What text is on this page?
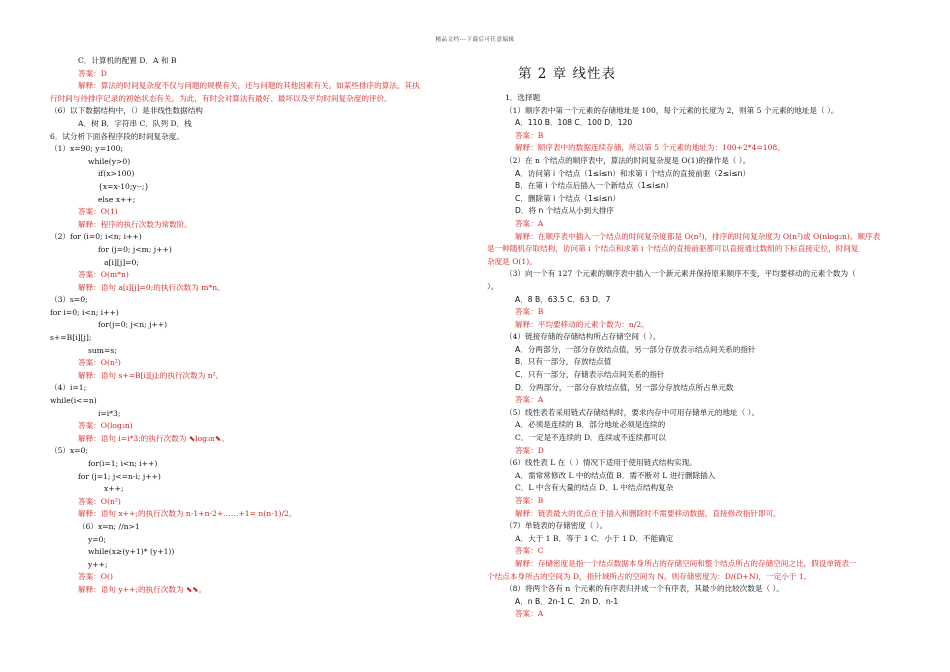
精品文档---下载后可任意编辑
C．计算机的配置 D．A 和 B
答案：D
解释：算法的时间复杂度不仅与问题的规模有关，还与问题的其他因素有关。如某些排序的算法，其执
行时间与待排序记录的初始状态有关。为此，有时会对算法有最好、最坏以及平均时间复杂度的评价。
（6）以下数据结构中，（）是非线性数据结构
A．树 B．字符串 C．队列 D．栈
6．试分析下面各程序段的时间复杂度。
（1）x=90; y=100;
while(y>0)
if(x>100)
{x=x-10;y--;}
else x++;
答案：O(1)
解释：程序的执行次数为常数阶。
（2）for (i=0; i<n; i++)
for (j=0; j<m; j++)
a[i][j]=0;
答案：O(m*n)
解释：语句 a[i][j]=0;的执行次数为 m*n。
（3）s=0;
for i=0; i<n; i++)
for(j=0; j<n; j++)
s+=B[i][j];
sum=s;
答案：O(n²)
解释：语句 s+=B[i][j];的执行次数为 n²。
（4）i=1;
while(i<=n)
i=i*3;
答案：O(log₃n)
解释：语句 i=i*3;的执行次数为 ⬉log₃n⬊。
（5）x=0;
for(i=1; i<n; i++)
for (j=1; j<=n-i; j++)
x++;
答案：O(n²)
解释：语句 x++;的执行次数为 n-1+n-2+……+1= n(n-1)/2。
（6）x=n; //n>1
y=0;
while(x≥(y+1)* (y+1))
y++;
答案：O()
解释：语句 y++;的执行次数为 ⬉⬊。
第 2 章 线性表
1．选择题
（1）顺序表中第一个元素的存储地址是 100，每个元素的长度为 2，则第 5 个元素的地址是（ ）。
A．110 B．108 C．100 D．120
答案：B
解释：顺序表中的数据连续存储，所以第 5 个元素的地址为：100+2*4=108。
（2）在 n 个结点的顺序表中，算法的时间复杂度是 O(1)的操作是（ ）。
A．访问第 i 个结点（1≤i≤n）和求第 i 个结点的直接前驱（2≤i≤n）
B．在第 i 个结点后插入一个新结点（1≤i≤n）
C．删除第 i 个结点（1≤i≤n）
D．将 n 个结点从小到大排序
答案：A
解释：在顺序表中插入一个结点的时间复杂度都是 O(n²)，排序的时间复杂度为 O(n²)或 O(nlog₂n)。顺序表
是一种随机存取结构，访问第 i 个结点和求第 i 个结点的直接前驱都可以直接通过数组的下标直接定位，时间复
杂度是 O(1)。
（3）向一个有 127 个元素的顺序表中插入一个新元素并保持原来顺序不变，平均要移动的元素个数为（
）。
A．8 B．63.5 C．63 D．7
答案：B
解释：平均要移动的元素个数为：n/2。
（4）链接存储的存储结构所占存储空间（ ）。
A．分两部分，一部分存放结点值，另一部分存放表示结点间关系的指针
B．只有一部分，存放结点值
C．只有一部分，存储表示结点间关系的指针
D．分两部分，一部分存放结点值，另一部分存放结点所占单元数
答案：A
（5）线性表若采用链式存储结构时，要求内存中可用存储单元的地址（ ）。
A．必须是连续的 B．部分地址必须是连续的
C．一定是不连续的 D．连续或不连续都可以
答案：D
（6）线性表 L 在（ ）情况下适用于使用链式结构实现。
A．需常常修改 L 中的结点值 B．需不断对 L 进行删除插入
C．L 中含有大量的结点 D．L 中结点结构复杂
答案：B
解释：链表最大的优点在于插入和删除时不需要移动数据，直接修改指针即可。
（7）单链表的存储密度（ ）。
A．大于 1 B．等于 1 C．小于 1 D．不能确定
答案：C
解释：存储密度是指一个结点数据本身所占的存储空间和整个结点所占的存储空间之比，假设单链表一
个结点本身所占的空间为 D，指针域所占的空间为 N，则存储密度为：D/(D+N)，一定小于 1。
（8）将两个各有 n 个元素的有序表归并成一个有序表，其最少的比较次数是（ ）。
A．n B．2n-1 C．2n D．n-1
答案：A
